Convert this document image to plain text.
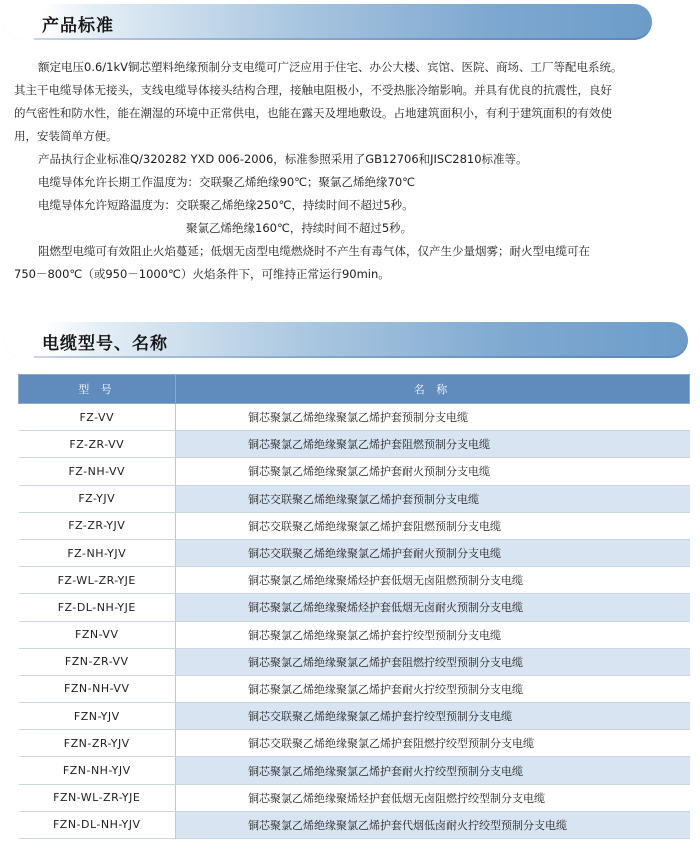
产品标准

额定电压0.6/1kV铜芯塑料绝缘预制分支电缆可广泛应用于住宅、办公大楼、宾馆、医院、商场、工厂等配电系统。

其主干电缆导体无接头，支线电缆导体接头结构合理，接触电阻极小，不受热胀冷缩影响。并具有优良的抗震性，良好

的气密性和防水性，能在潮湿的环境中正常供电，也能在露天及埋地敷设。占地建筑面积小，有利于建筑面积的有效使

用，安装简单方便。

产品执行企业标准Q/320282 YXD 006-2006，标准参照采用了GB12706和JISC2810标准等。

电缆导体允许长期工作温度为：交联聚乙烯绝缘90℃；聚氯乙烯绝缘70℃

电缆导体允许短路温度为：交联聚乙烯绝缘250℃，持续时间不超过5秒。

聚氯乙烯绝缘160℃，持续时间不超过5秒。

阻燃型电缆可有效阻止火焰蔓延；低烟无卤型电缆燃烧时不产生有毒气体，仅产生少量烟雾；耐火型电缆可在

750－800℃（或950－1000℃）火焰条件下，可维持正常运行90min。

电缆型号、名称
型 号	名 称
FZ-VV	铜芯聚氯乙烯绝缘聚氯乙烯护套预制分支电缆
FZ-ZR-VV	铜芯聚氯乙烯绝缘聚氯乙烯护套阻燃预制分支电缆
FZ-NH-VV	铜芯聚氯乙烯绝缘聚氯乙烯护套耐火预制分支电缆
FZ-YJV	铜芯交联聚乙烯绝缘聚氯乙烯护套预制分支电缆
FZ-ZR-YJV	铜芯交联聚乙烯绝缘聚氯乙烯护套阻燃预制分支电缆
FZ-NH-YJV	铜芯交联聚乙烯绝缘聚氯乙烯护套耐火预制分支电缆
FZ-WL-ZR-YJE	铜芯聚氯乙烯绝缘聚烯烃护套低烟无卤阻燃预制分支电缆
FZ-DL-NH-YJE	铜芯聚氯乙烯绝缘聚烯烃护套低烟无卤耐火预制分支电缆
FZN-VV	铜芯聚氯乙烯绝缘聚氯乙烯护套拧绞型预制分支电缆
FZN-ZR-VV	铜芯聚氯乙烯绝缘聚氯乙烯护套阻燃拧绞型预制分支电缆
FZN-NH-VV	铜芯聚氯乙烯绝缘聚氯乙烯护套耐火拧绞型预制分支电缆
FZN-YJV	铜芯交联聚乙烯绝缘聚氯乙烯护套拧绞型预制分支电缆
FZN-ZR-YJV	铜芯交联聚乙烯绝缘聚氯乙烯护套阻燃拧绞型预制分支电缆
FZN-NH-YJV	铜芯聚氯乙烯绝缘聚氯乙烯护套耐火拧绞型预制分支电缆
FZN-WL-ZR-YJE	铜芯聚氯乙烯绝缘聚烯烃护套低烟无卤阻燃拧绞型制分支电缆
FZN-DL-NH-YJV	铜芯聚氯乙烯绝缘聚氯乙烯护套代烟低卤耐火拧绞型预制分支电缆
